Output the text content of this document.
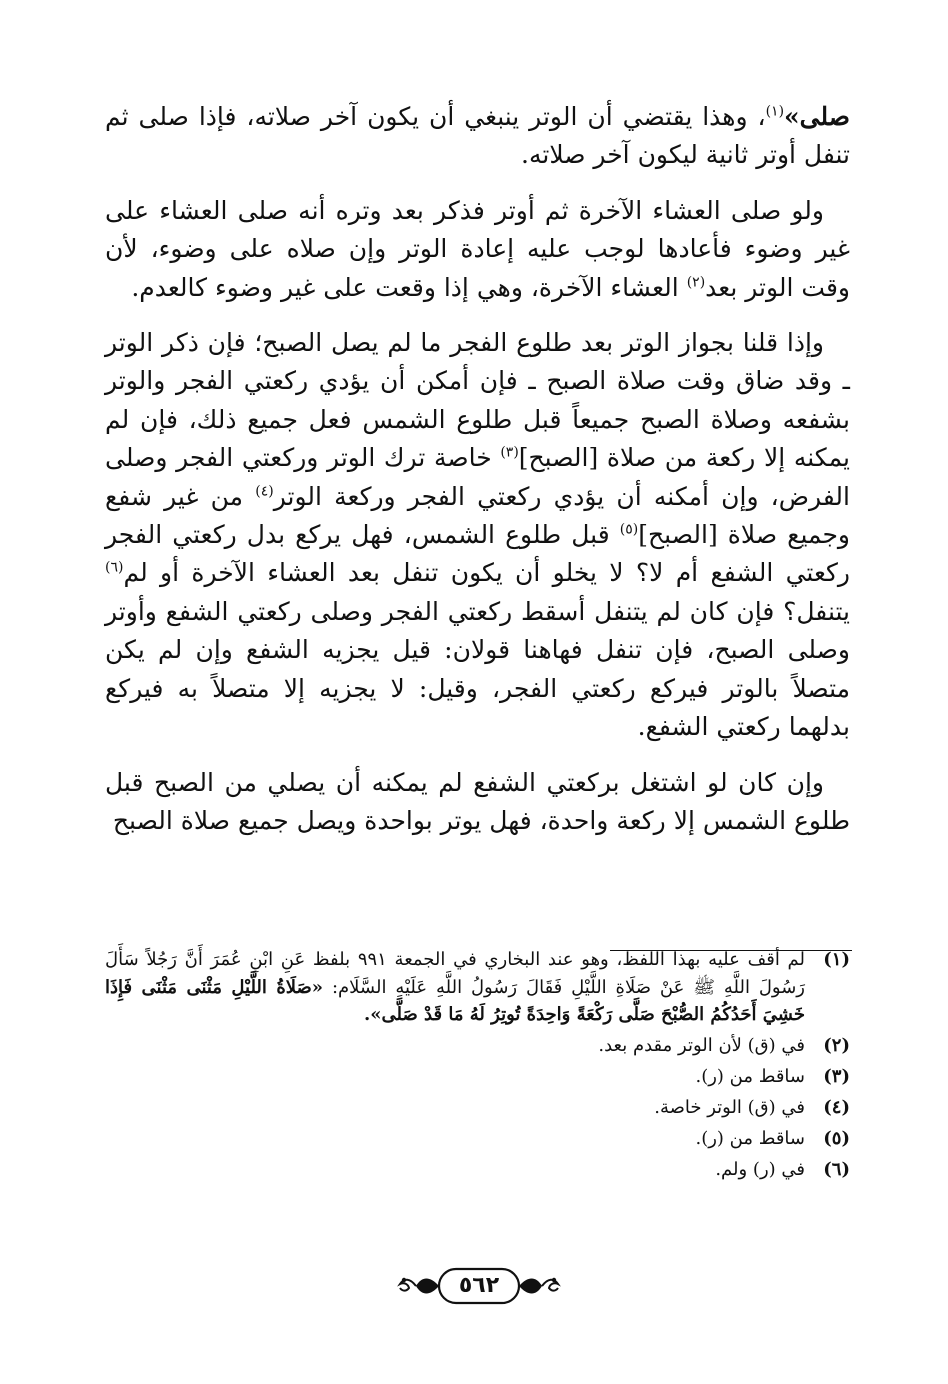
صلى»$^{(١)}$، وهذا يقتضي أن الوتر ينبغي أن يكون آخر صلاته، فإذا صلى ثم تنفل أوتر ثانية ليكون آخر صلاته.

ولو صلى العشاء الآخرة ثم أوتر فذكر بعد وتره أنه صلى العشاء على غير وضوء فأعادها لوجب عليه إعادة الوتر وإن صلاه على وضوء، لأن وقت الوتر بعد$^{(٢)}$ العشاء الآخرة، وهي إذا وقعت على غير وضوء كالعدم.

وإذا قلنا بجواز الوتر بعد طلوع الفجر ما لم يصل الصبح؛ فإن ذكر الوتر ـ وقد ضاق وقت صلاة الصبح ـ فإن أمكن أن يؤدي ركعتي الفجر والوتر بشفعه وصلاة الصبح جميعاً قبل طلوع الشمس فعل جميع ذلك، فإن لم يمكنه إلا ركعة من صلاة [الصبح]$^{(٣)}$ خاصة ترك الوتر وركعتي الفجر وصلى الفرض، وإن أمكنه أن يؤدي ركعتي الفجر وركعة الوتر$^{(٤)}$ من غير شفع وجميع صلاة [الصبح]$^{(٥)}$ قبل طلوع الشمس، فهل يركع بدل ركعتي الفجر ركعتي الشفع أم لا؟ لا يخلو أن يكون تنفل بعد العشاء الآخرة أو لم$^{(٦)}$ يتنفل؟ فإن كان لم يتنفل أسقط ركعتي الفجر وصلى ركعتي الشفع وأوتر وصلى الصبح، فإن تنفل فهاهنا قولان: قيل يجزيه الشفع وإن لم يكن متصلاً بالوتر فيركع ركعتي الفجر، وقيل: لا يجزيه إلا متصلاً به فيركع بدلهما ركعتي الشفع.

وإن كان لو اشتغل بركعتي الشفع لم يمكنه أن يصلي من الصبح قبل طلوع الشمس إلا ركعة واحدة، فهل يوتر بواحدة ويصل جميع صلاة الصبح

(١)
لم أقف عليه بهذا اللفظ، وهو عند البخاري في الجمعة ٩٩١ بلفظ عَنِ ابْنِ عُمَرَ أَنَّ رَجُلاً سَأَلَ رَسُولَ اللَّهِ ﷺ عَنْ صَلَاةِ اللَّيْلِ فَقَالَ رَسُولُ اللَّهِ عَلَيْهِ السَّلَام: «صَلَاةُ اللَّيْلِ مَثْنَى مَثْنَى فَإِذَا خَشِيَ أَحَدُكُمُ الصُّبْحَ صَلَّى رَكْعَةً وَاحِدَةً تُوتِرُ لَهُ مَا قَدْ صَلَّى».
(٢)
في (ق) لأن الوتر مقدم بعد.
(٣)
ساقط من (ر).
(٤)
في (ق) الوتر خاصة.
(٥)
ساقط من (ر).
(٦)
في (ر) ولم.
٥٦٢
